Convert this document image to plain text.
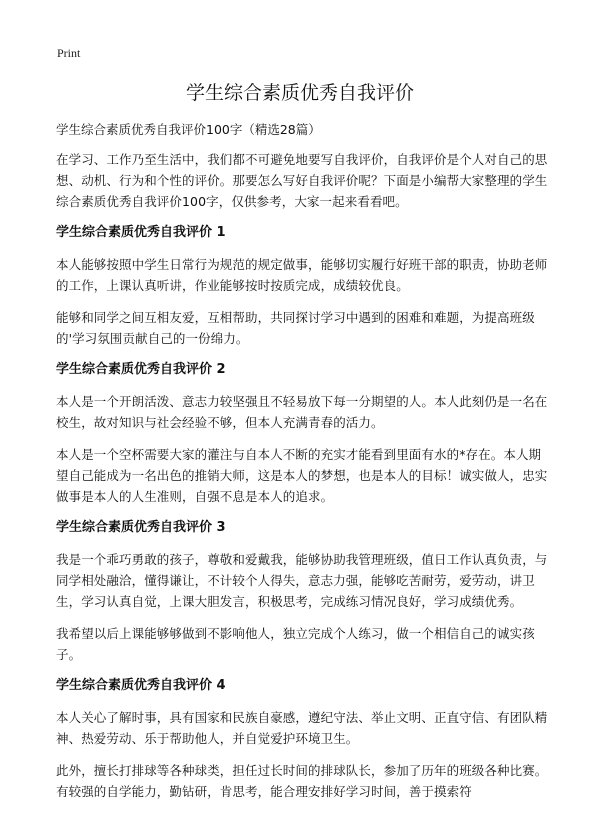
Print
学生综合素质优秀自我评价
学生综合素质优秀自我评价100字（精选28篇）

在学习、工作乃至生活中，我们都不可避免地要写自我评价，自我评价是个人对自己的思想、动机、行为和个性的评价。那要怎么写好自我评价呢？下面是小编帮大家整理的学生综合素质优秀自我评价100字，仅供参考，大家一起来看看吧。

学生综合素质优秀自我评价 1

本人能够按照中学生日常行为规范的规定做事，能够切实履行好班干部的职责，协助老师的工作，上课认真听讲，作业能够按时按质完成，成绩较优良。

能够和同学之间互相友爱，互相帮助，共同探讨学习中遇到的困难和难题，为提高班级的'学习氛围贡献自己的一份绵力。

学生综合素质优秀自我评价 2

本人是一个开朗活泼、意志力较坚强且不轻易放下每一分期望的人。本人此刻仍是一名在校生，故对知识与社会经验不够，但本人充满青春的活力。

本人是一个空杯需要大家的灌注与自本人不断的充实才能看到里面有水的*存在。本人期望自己能成为一名出色的推销大师，这是本人的梦想，也是本人的目标！诚实做人，忠实做事是本人的人生准则，自强不息是本人的追求。

学生综合素质优秀自我评价 3

我是一个乖巧勇敢的孩子，尊敬和爱戴我，能够协助我管理班级，值日工作认真负责，与同学相处融洽，懂得谦让，不计较个人得失，意志力强，能够吃苦耐劳，爱劳动，讲卫生，学习认真自觉，上课大胆发言，积极思考，完成练习情况良好，学习成绩优秀。

我希望以后上课能够够做到不影响他人，独立完成个人练习，做一个相信自己的诚实孩子。

学生综合素质优秀自我评价 4

本人关心了解时事，具有国家和民族自豪感，遵纪守法、举止文明、正直守信、有团队精神、热爱劳动、乐于帮助他人，并自觉爱护环境卫生。

此外，擅长打排球等各种球类，担任过长时间的排球队长，参加了历年的班级各种比赛。有较强的自学能力，勤钻研，肯思考，能合理安排好学习时间，善于摸索符
